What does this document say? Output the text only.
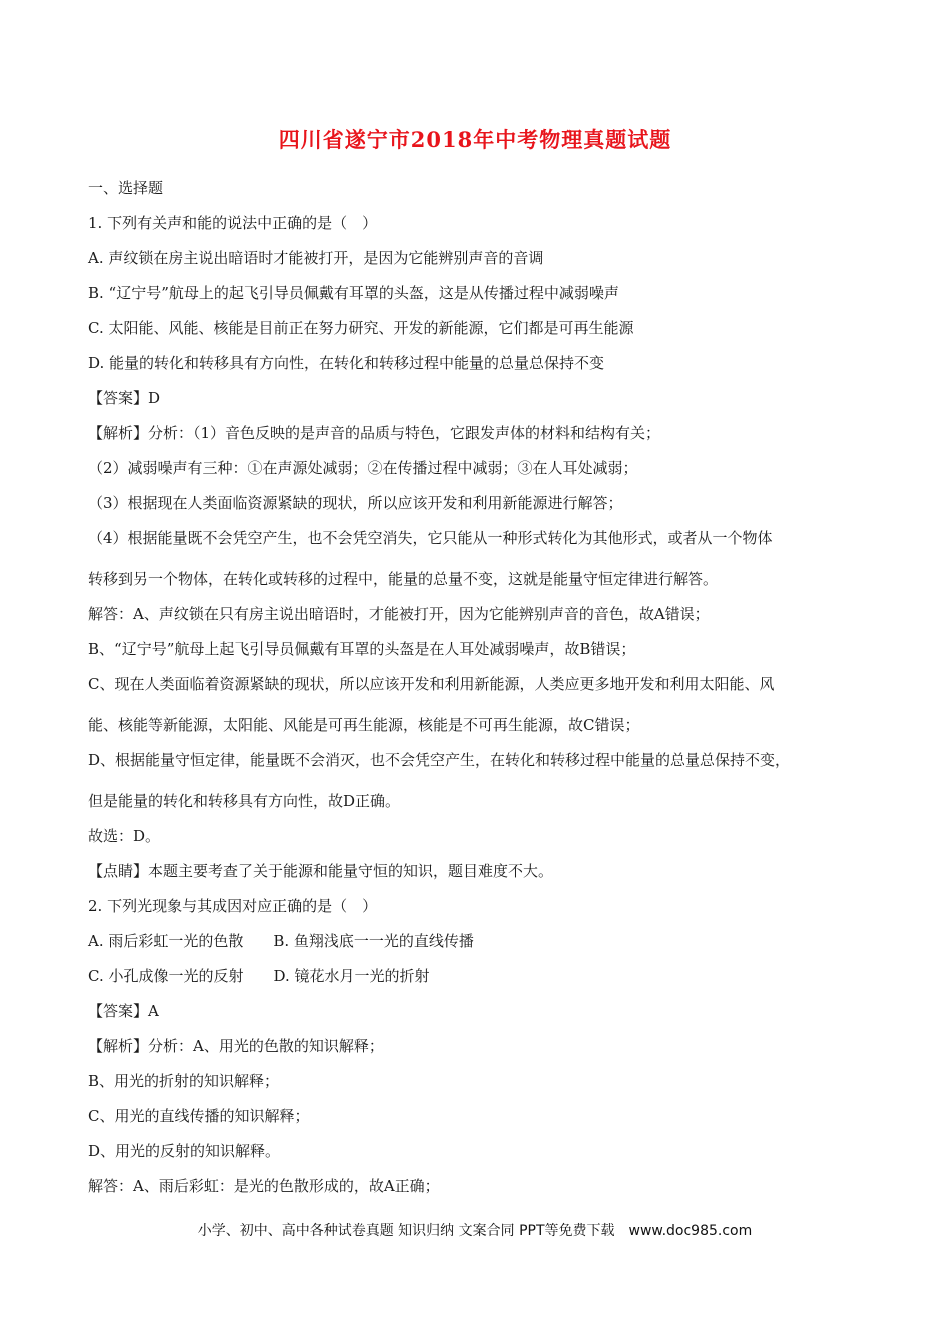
四川省遂宁市2018年中考物理真题试题
一、选择题
1. 下列有关声和能的说法中正确的是（　）
A. 声纹锁在房主说出暗语时才能被打开，是因为它能辨别声音的音调
B. “辽宁号”航母上的起飞引导员佩戴有耳罩的头盔，这是从传播过程中减弱噪声
C. 太阳能、风能、核能是目前正在努力研究、开发的新能源，它们都是可再生能源
D. 能量的转化和转移具有方向性，在转化和转移过程中能量的总量总保持不变
【答案】D
【解析】分析：（1）音色反映的是声音的品质与特色，它跟发声体的材料和结构有关；
（2）减弱噪声有三种：①在声源处减弱；②在传播过程中减弱；③在人耳处减弱；
（3）根据现在人类面临资源紧缺的现状，所以应该开发和利用新能源进行解答；
（4）根据能量既不会凭空产生，也不会凭空消失，它只能从一种形式转化为其他形式，或者从一个物体
转移到另一个物体，在转化或转移的过程中，能量的总量不变，这就是能量守恒定律进行解答。
解答：A、声纹锁在只有房主说出暗语时，才能被打开，因为它能辨别声音的音色，故A错误；
B、“辽宁号”航母上起飞引导员佩戴有耳罩的头盔是在人耳处减弱噪声，故B错误；
C、现在人类面临着资源紧缺的现状，所以应该开发和利用新能源，人类应更多地开发和利用太阳能、风
能、核能等新能源，太阳能、风能是可再生能源，核能是不可再生能源，故C错误；
D、根据能量守恒定律，能量既不会消灭，也不会凭空产生，在转化和转移过程中能量的总量总保持不变，
但是能量的转化和转移具有方向性，故D正确。
故选：D。
【点睛】本题主要考查了关于能源和能量守恒的知识，题目难度不大。
2. 下列光现象与其成因对应正确的是（　）
A. 雨后彩虹一光的色散 B. 鱼翔浅底一一光的直线传播
C. 小孔成像一光的反射 D. 镜花水月一光的折射
【答案】A
【解析】分析：A、用光的色散的知识解释；
B、用光的折射的知识解释；
C、用光的直线传播的知识解释；
D、用光的反射的知识解释。
解答：A、雨后彩虹：是光的色散形成的，故A正确；
小学、初中、高中各种试卷真题 知识归纳 文案合同 PPT等免费下载　www.doc985.com
